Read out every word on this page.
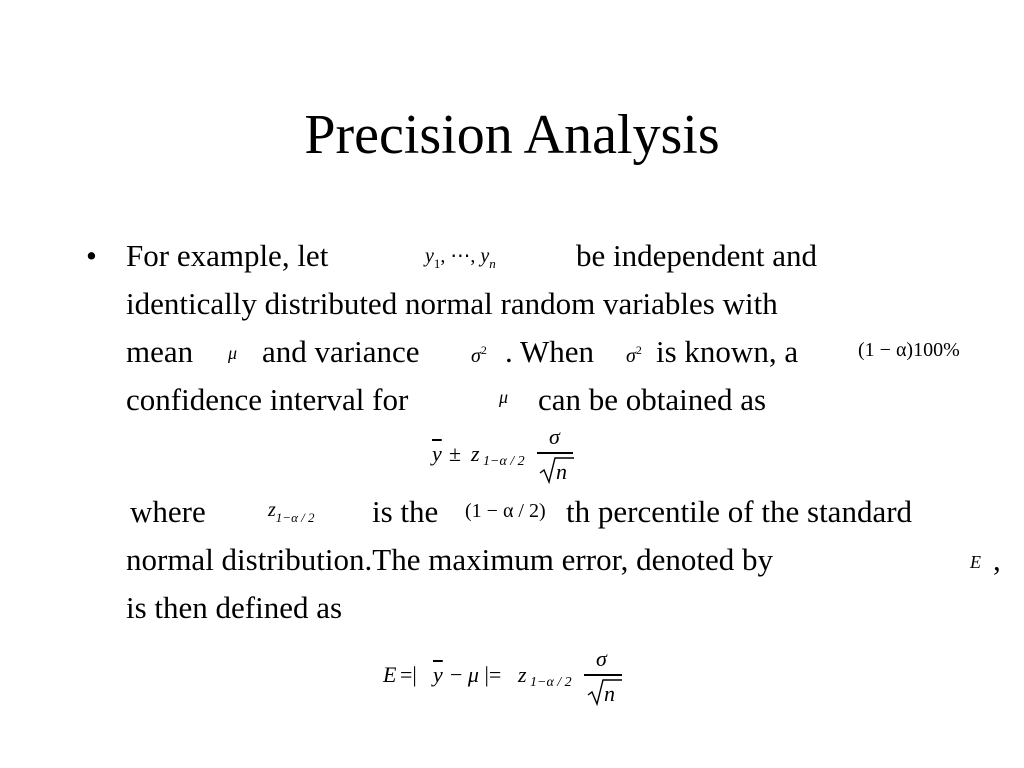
Precision Analysis
• For example, let	$y_1$, ⋯, $y_n$	be independent and
identically distributed normal random variables with
mean μ and variance	$\sigma^2$ . When $\sigma^2$ is known, a	(1 − α)100%
confidence interval for	μ can be obtained as
$\overline{y} \pm z$ 1−α / 2
σ
n
where	$z_{1-\alpha / 2}$ is the (1 − α / 2) th percentile of the standard
normal distribution.The maximum error, denoted by	E ,
is then defined as
E =| $\overline{y} - \mu$ |= z 1−α / 2
σ
n
